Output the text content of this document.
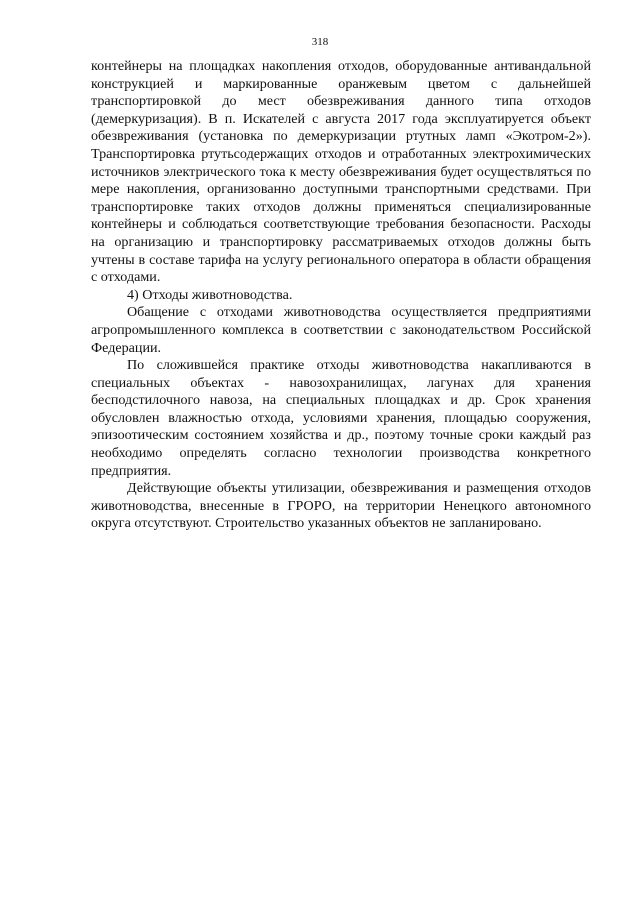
318

контейнеры на площадках накопления отходов, оборудованные антивандальной конструкцией и маркированные оранжевым цветом с дальнейшей транспортировкой до мест обезвреживания данного типа отходов (демеркуризация). В п. Искателей с августа 2017 года эксплуатируется объект обезвреживания (установка по демеркуризации ртутных ламп «Экотром-2»). Транспортировка ртутьсодержащих отходов и отработанных электрохимических источников электрического тока к месту обезвреживания будет осуществляться по мере накопления, организованно доступными транспортными средствами. При транспортировке таких отходов должны применяться специализированные контейнеры и соблюдаться соответствующие требования безопасности. Расходы на организацию и транспортировку рассматриваемых отходов должны быть учтены в составе тарифа на услугу регионального оператора в области обращения с отходами.

4) Отходы животноводства.

Обащение с отходами животноводства осуществляется предприятиями агропромышленного комплекса в соответствии с законодательством Российской Федерации.

По сложившейся практике отходы животноводства накапливаются в специальных объектах - навозохранилищах, лагунах для хранения бесподстилочного навоза, на специальных площадках и др. Срок хранения обусловлен влажностью отхода, условиями хранения, площадью сооружения, эпизоотическим состоянием хозяйства и др., поэтому точные сроки каждый раз необходимо определять согласно технологии производства конкретного предприятия.

Действующие объекты утилизации, обезвреживания и размещения отходов животноводства, внесенные в ГРОРО, на территории Ненецкого автономного округа отсутствуют. Строительство указанных объектов не запланировано.
